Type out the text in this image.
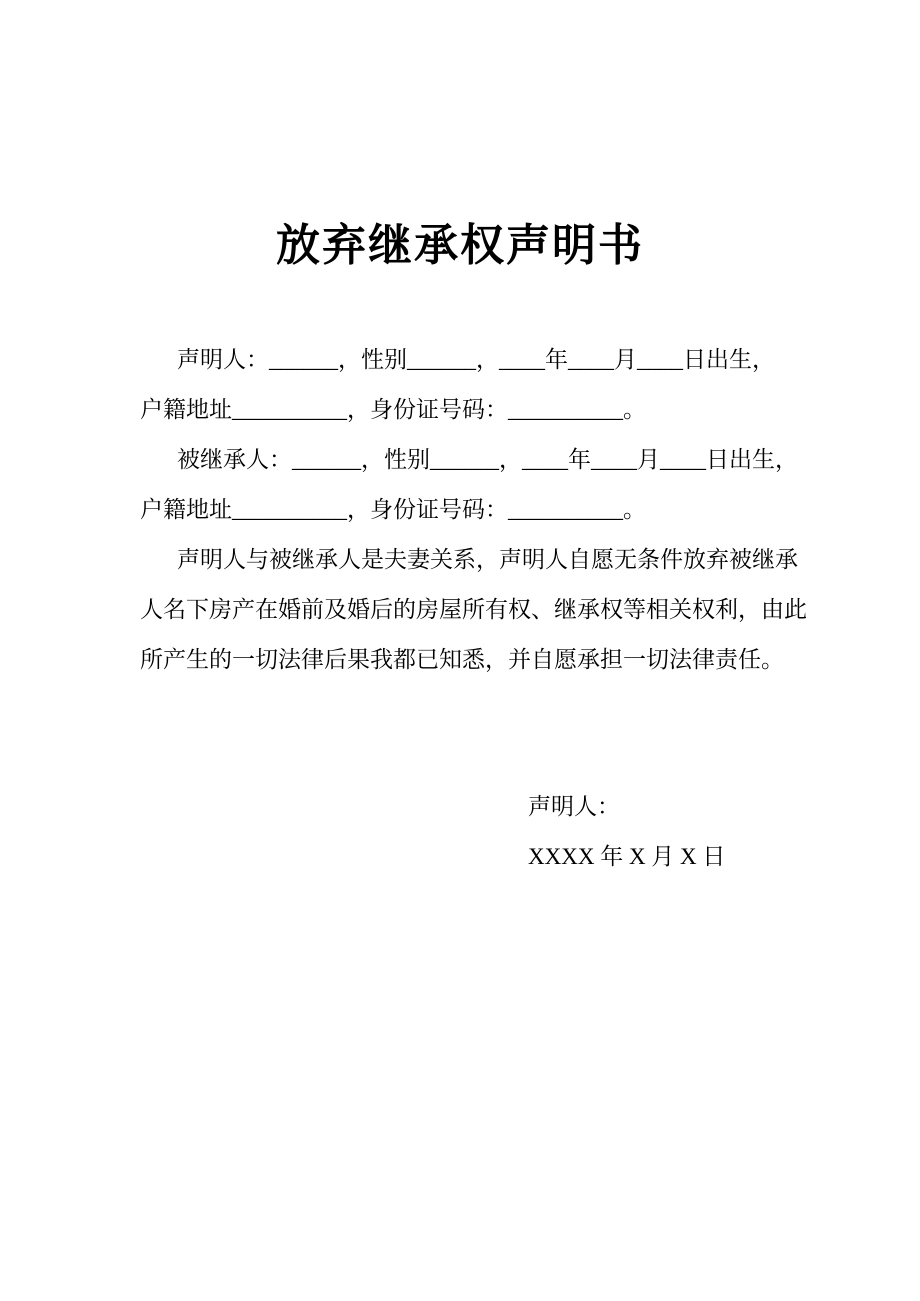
放弃继承权声明书
声明人：______，性别______，____年____月____日出生，
户籍地址__________，身份证号码：__________。
被继承人：______，性别______，____年____月____日出生，
户籍地址__________，身份证号码：__________。
声明人与被继承人是夫妻关系，声明人自愿无条件放弃被继承
人名下房产在婚前及婚后的房屋所有权、继承权等相关权利，由此
所产生的一切法律后果我都已知悉，并自愿承担一切法律责任。
声明人：
XXXX 年 X 月 X 日
